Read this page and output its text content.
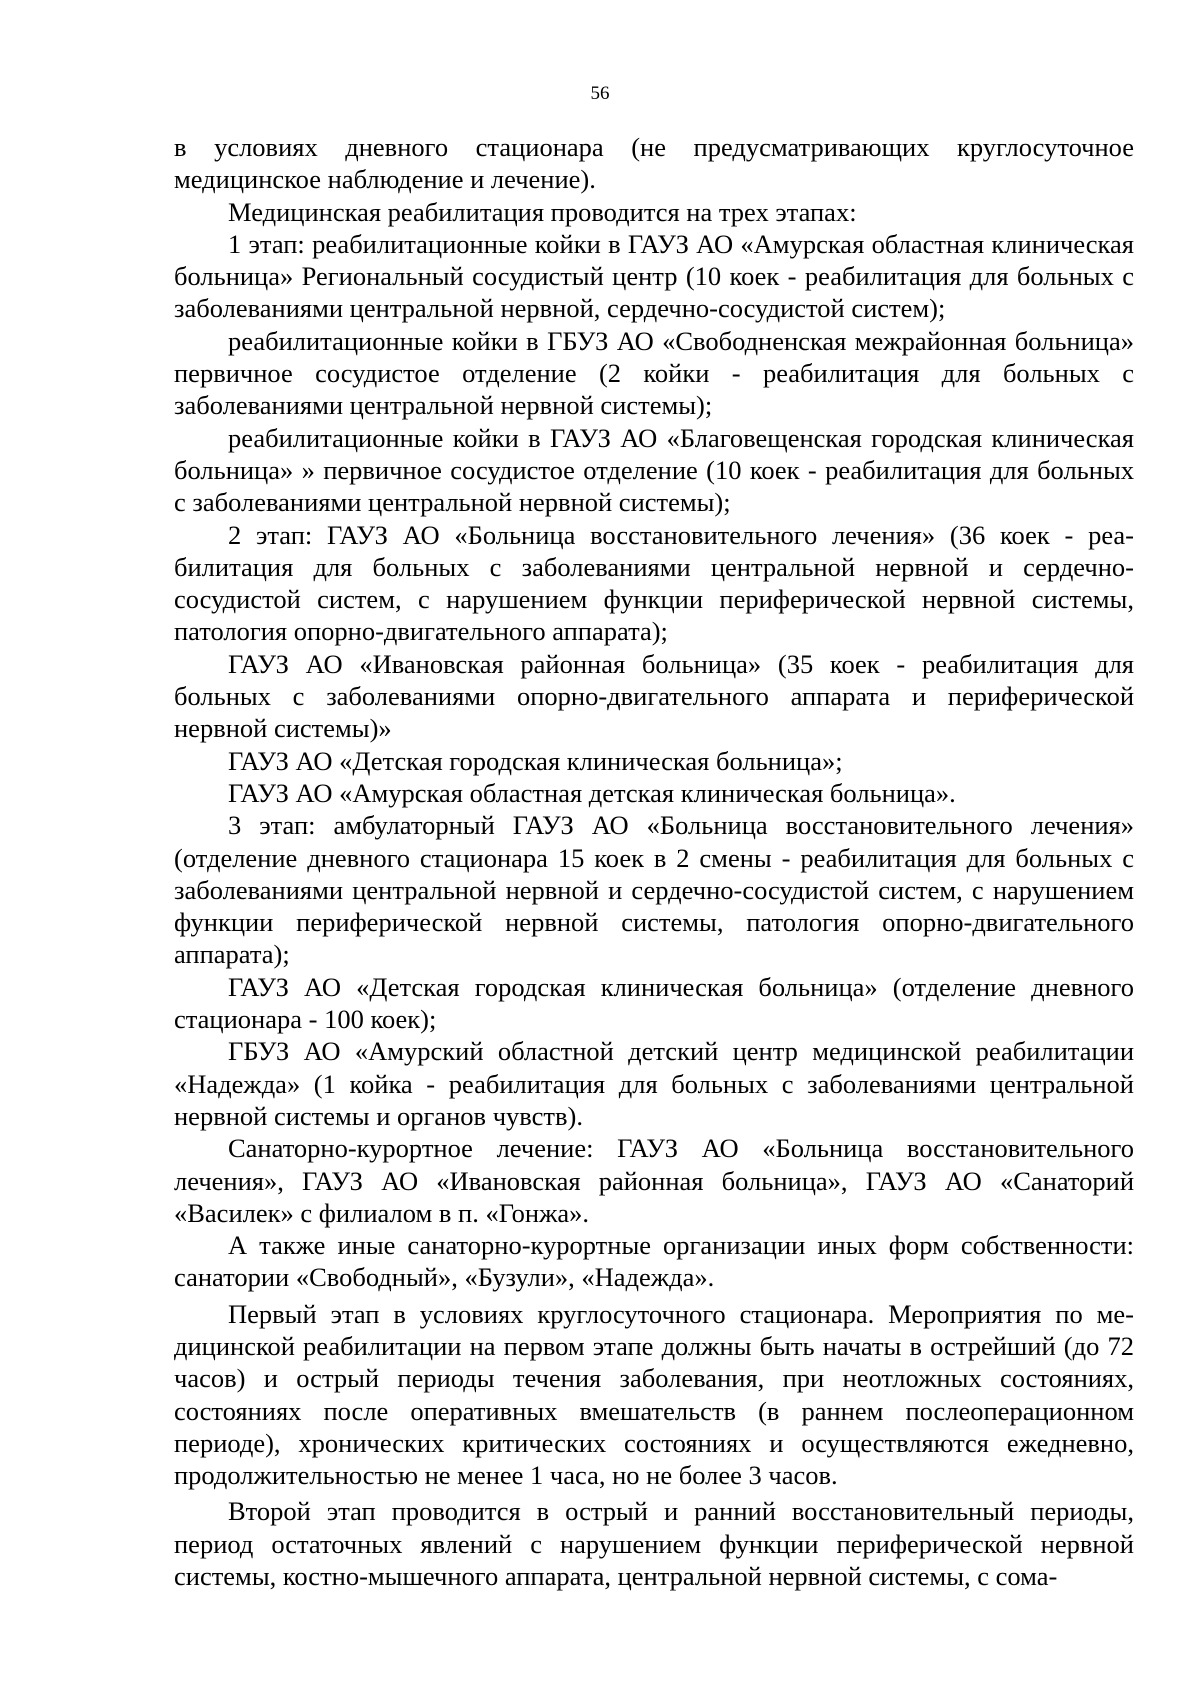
56

в условиях дневного стационара (не предусматривающих круглосуточное медицинское наблюдение и лечение).

Медицинская реабилитация проводится на трех этапах:

1 этап: реабилитационные койки в ГАУЗ АО «Амурская областная клиническая больница» Региональный сосудистый центр (10 коек - реабилитация для больных с заболеваниями центральной нервной, сердечно-сосудистой систем);

реабилитационные койки в ГБУЗ АО «Свободненская межрайонная больница» первичное сосудистое отделение (2 койки - реабилитация для больных с заболеваниями центральной нервной системы);

реабилитационные койки в ГАУЗ АО «Благовещенская городская клиническая больница» » первичное сосудистое отделение (10 коек - реабилитация для больных с заболеваниями центральной нервной системы);

2 этап: ГАУЗ АО «Больница восстановительного лечения» (36 коек - реабилитация для больных с заболеваниями центральной нервной и сердечно-сосудистой систем, с нарушением функции периферической нервной системы, патология опорно-двигательного аппарата);

ГАУЗ АО «Ивановская районная больница» (35 коек - реабилитация для больных с заболеваниями опорно-двигательного аппарата и периферической нервной системы)»

ГАУЗ АО «Детская городская клиническая больница»;

ГАУЗ АО «Амурская областная детская клиническая больница».

3 этап: амбулаторный ГАУЗ АО «Больница восстановительного лечения» (отделение дневного стационара 15 коек в 2 смены - реабилитация для больных с заболеваниями центральной нервной и сердечно-сосудистой систем, с нарушением функции периферической нервной системы, патология опорно-двигательного аппарата);

ГАУЗ АО «Детская городская клиническая больница» (отделение дневного стационара - 100 коек);

ГБУЗ АО «Амурский областной детский центр медицинской реабилитации «Надежда» (1 койка - реабилитация для больных с заболеваниями центральной нервной системы и органов чувств).

Санаторно-курортное лечение: ГАУЗ АО «Больница восстановительного лечения», ГАУЗ АО «Ивановская районная больница», ГАУЗ АО «Санаторий «Василек» с филиалом в п. «Гонжа».

А также иные санаторно-курортные организации иных форм собственности: санатории «Свободный», «Бузули», «Надежда».

Первый этап в условиях круглосуточного стационара. Мероприятия по медицинской реабилитации на первом этапе должны быть начаты в острейший (до 72 часов) и острый периоды течения заболевания, при неотложных состояниях, состояниях после оперативных вмешательств (в раннем послеоперационном периоде), хронических критических состояниях и осуществляются ежедневно, продолжительностью не менее 1 часа, но не более 3 часов.

Второй этап проводится в острый и ранний восстановительный периоды, период остаточных явлений с нарушением функции периферической нервной системы, костно-мышечного аппарата, центральной нервной системы, с сома-
